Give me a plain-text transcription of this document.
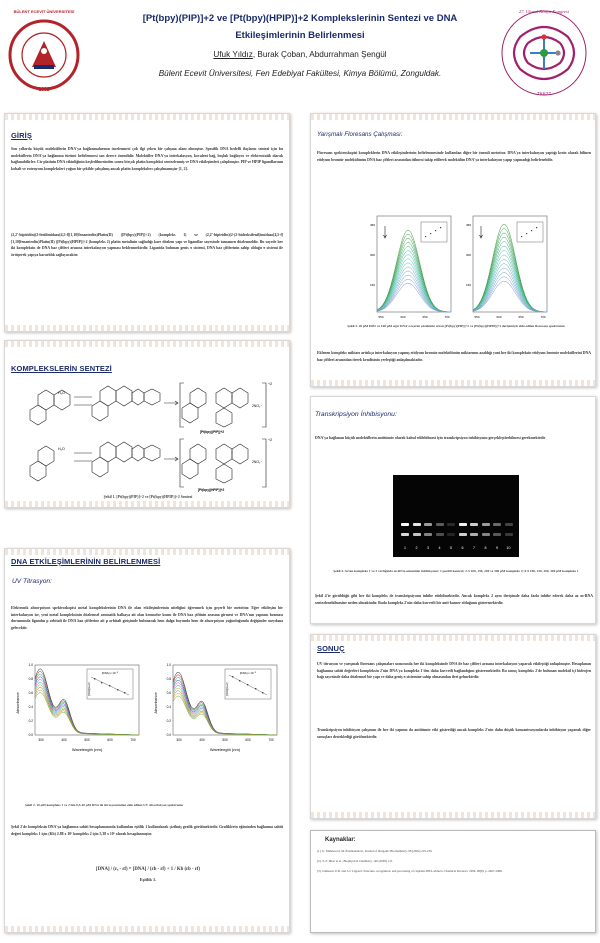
BÜLENT ECEVİT ÜNİVERSİTESİ
1992
[Pt(bpy)(PIP)]+2 ve [Pt(bpy)(HPIP)]+2 Komplekslerinin Sentezi ve DNA
Etkileşimlerinin Belirlenmesi
Ufuk Yıldız, Burak Çoban, Abdurrahman Şengül
Bülent Ecevit Üniversitesi, Fen Edebiyat Fakültesi, Kimya Bölümü, Zonguldak.
27. Ulusal Kimya Kongresi
TKK27
GİRİŞ
Son yıllarda küçük moleküllerin DNA'ya bağlanmalarının incelenmesi çok ilgi çeken bir çalışma alanı olmuştur. Spesifik DNA hedefli ilaçların sentezi için bu moleküllerin DNA'ya bağlanma türünü belirlenmesi son derece önemlidir. Moleküller DNA'ya interkalasyon, kovalent bağ, boşluk bağlayıcı ve elektrostatik olarak bağlanabilirler. Cis-platinin DNA etkinliğinin keşfedilmesinden sonra birçok platin kompleksi sentezlenmiş ve DNA etkileşimleri çalışılmıştır. PIP ve HPIP ligandlarının kobalt ve rutenyum kompleksleri yoğun bir şekilde çalışılmış ancak platin komplekslerı çalışılmamıştır [1, 2].
(2,2'-bipiridin)(2-fenilimidazo[4,5-f][1,10]fenantrolin)Platin(II) ([Pt(bpy)(PIP)]+2) (kompleks 1) ve (2,2'-bipiridin)(2-(2-hidroksifenil)imidazo[4,5-f][1,10]fenantrolin)Platin(II) ([Pt(bpy)(HPIP)]+2 (kompleks 2) platin metalinin sağladığı kare düzlem yapı ve ligandlar sayesinde tamamen düzlemseldir. Bu sayede her iki kompleksin de DNA baz çiftleri arasına interkalasyon yapması beklenmektedir. Ligantda bulunan genis π sistemi, DNA baz çiftlerinin sahip olduğu π sistemi ile örtüşerek yapıya kararlılık sağlayacaktır.
KOMPLEKSLERİN SENTEZİ
H₂O
H₂O
+2
+2
2NO₃⁻
2NO₃⁻
[Pt(bpy)(PIP)]+2
[Pt(bpy)(HPIP)]+2
Şekil 1. [Pt(bpy)(PIP)]+2 ve [Pt(bpy)(HPIP)]+2 Sentezi
DNA ETKİLEŞİMLERİNİN BELİRLENMESİ
UV Titrasyon:
Elektronik absorpsiyon spektroskopisi metal komplekslerinin DNA ile olan etkileşimlerinin niteliğini öğrenmek için geçerli bir metottur. Eğer etkileşim bir interkalasyon ise, yeni metal kompleksinin düzlemsel aromatik halkaya ait olan kromofor kısmı ile DNA baz çiftinin arasına girmesi ve DNA'nın yapısını bozması durumunda ligandın p orbitali ile DNA baz çiftlerine ait p orbitali girişimde bulunarak hem dalga boyunda hem de absorpsiyon yoğunluğunda değişimler meydana gelecektir.
0.0
0.2
0.4
0.6
0.8
1.0
300	400	500	600	700
Absorbance
Wavelength (nm)
[DNA] x 10⁻⁵
[DNA]/(εa-εf)
0.0
0.2
0.4
0.6
0.8
1.0
300	400	500	600	700
Absorbance
Wavelength (nm)
[DNA] x 10⁻⁵
[DNA]/(εa-εf)
Şekil 2. 10 μM kompleks 1 ve 2'nin 0,5-40 μM DNA ile titrasyonundan elde edilen UV absorbsiyon spektrumu
Şekil 2'de kompleksin DNA'ya bağlanma sabiti hesaplamasında kullanılan eşitlik 1 kullanılarak çizilmiş grafik görülmektedir. Grafiklerin eğiminden bağlanma sabiti değeri kompleks 1 için (Kb) 2.88 x 10⁵ kompleks 2 için 5,38 x 10⁵ olarak hesaplanmıştır.
[DNA] / (εₐ - εf) = [DNA] / (εb - εf) + 1 / Kb (εb - εf)
Eşitlik 1.
Yarışmalı Floresans Çalışması:
Floresans spektroskopisi kompleklerin DNA etkileşimlerinin belirlenmesinde kullanılan diğer bir önemli metottur. DNA'ya interkalasyon yaptığı kesin olarak bilinen etidyum bromür molekülünün DNA baz çiftleri arasından itilmesi takip edilerek molekülün DNA'ya interkalasyon yapıp yapmadığı belirlenebilir.
450
300
150
550	600	650	700
450
300
150
550	600	650	700
Şekil 3. 26 μM EtBr ve 100 μM sığır DNA'sı içeren çözeltinin artan [Pt(bpy)(PIP)]+2 ve [Pt(bpy)(HPIP)]+2 derişimiyle elde edilen floresans spektrumu
Eklenen kompleks miktarı arttıkça interkalasyon yapmış etidyum bromür molekülünün miktarının azaldığı yani her iki kompleksin etidyum bromür moleküllerini DNA baz çiftleri arasından iterek kendisinin yerleştiği anlaşılmaktadır.
Transkripsiyon İnhibisyonu:
DNA'ya bağlanan küçük moleküllerin antitümör olarak kabul edilebilmesi için transkripsiyon inhibisyonu gerçekleştirebilmesi gerekmektedir
1	2	3	4	5	6	7	8	9	10
Şekil 4. Artan kompleks 1 ve 2 varlığında m-RNA sentezinin inhibisyonu: 1 pozitif kontrol; 2-5 100, 150, 200 ve 300 μM kompleks 2; 6-9 100, 150, 200, 300 μM kompleks 1
Şekil 4'te görüldüğü gibi her iki kompleks de transkripsiyonu inhibe edebilmektedir. Ancak kompleks 2 aynı derişimde daha fazla inhibe ederek daha az m-RNA sentezlenebilmesine neden olmaktadır. Buda kompleks 2'nin daha kuvvetli bir anti-kanser olduğunu göstermektedir.
SONUÇ
UV titrasyon ve yarışmalı floresans çalışmaları sonucunda her iki kompleksinde DNA ile baz çiftleri arasına interkalasyon yaparak etkileştiği anlaşılmıştır. Hesaplanan bağlanma sabiti değerleri kompleksin 2'nin DNA'ya kompleks 1'den daha kuvvetli bağlandığını göstermektedir. Bu sonuç kompleks 2'de bulunan molekül içi hidrojen bağı sayesinde daha düzlemsel bir yapı ve daha geniş π sistemine sahip olmasından ileri gelmektedir.
Transkripsiyon inhibisyon çalışması ile her iki yapının da antitümör etki gösterdiği ancak kompleks 2'nin daha düşük konsantrasyonlarda inhibisyon yaparak diğer sonuçları desteklediği görülmektedir.
Kaynaklar:
[1]. U. Maheswari, M. Palaniandavar, Journal of Inorganic Biochemistry, 98 (2004) 219-230.
[2]. T.-F. Miao et al., Biophysical Chemistry, 140 (2009) 1-8.
[3]. Jamieson, E.R. and S.J. Lippard, Structure, recognition, and processing of cisplatin-DNA adducts. Chemical Reviews, 1999. 99(8): p. 2467-2498.
